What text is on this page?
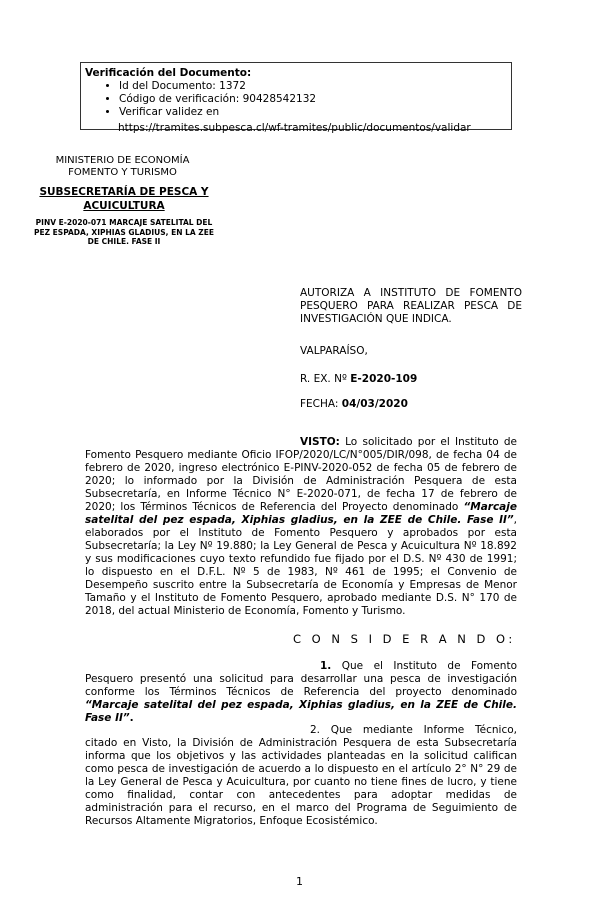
Verificación del Documento:
• Id del Documento: 1372
• Código de verificación: 90428542132
• Verificar validez en
https://tramites.subpesca.cl/wf-tramites/public/documentos/validar
MINISTERIO DE ECONOMÍA
FOMENTO Y TURISMO
SUBSECRETARÍA DE PESCA Y ACUICULTURA
PINV E-2020-071 MARCAJE SATELITAL DEL PEZ ESPADA, XIPHIAS GLADIUS, EN LA ZEE DE CHILE. FASE II
AUTORIZA A INSTITUTO DE FOMENTO PESQUERO PARA REALIZAR PESCA DE INVESTIGACIÓN QUE INDICA.
VALPARAÍSO,
R. EX. Nº E-2020-109
FECHA: 04/03/2020
VISTO: Lo solicitado por el Instituto de Fomento Pesquero mediante Oficio IFOP/2020/LC/N°005/DIR/098, de fecha 04 de febrero de 2020, ingreso electrónico E-PINV-2020-052 de fecha 05 de febrero de 2020; lo informado por la División de Administración Pesquera de esta Subsecretaría, en Informe Técnico N° E-2020-071, de fecha 17 de febrero de 2020; los Términos Técnicos de Referencia del Proyecto denominado “Marcaje satelital del pez espada, Xiphias gladius, en la ZEE de Chile. Fase II”, elaborados por el Instituto de Fomento Pesquero y aprobados por esta Subsecretaría; la Ley Nº 19.880; la Ley General de Pesca y Acuicultura Nº 18.892 y sus modificaciones cuyo texto refundido fue fijado por el D.S. Nº 430 de 1991; lo dispuesto en el D.F.L. Nº 5 de 1983, Nº 461 de 1995; el Convenio de Desempeño suscrito entre la Subsecretaría de Economía y Empresas de Menor Tamaño y el Instituto de Fomento Pesquero, aprobado mediante D.S. N° 170 de 2018, del actual Ministerio de Economía, Fomento y Turismo.
C O N S I D E R A N D O:
1. Que el Instituto de Fomento Pesquero presentó una solicitud para desarrollar una pesca de investigación conforme los Términos Técnicos de Referencia del proyecto denominado “Marcaje satelital del pez espada, Xiphias gladius, en la ZEE de Chile. Fase II”.
2. Que mediante Informe Técnico, citado en Visto, la División de Administración Pesquera de esta Subsecretaría informa que los objetivos y las actividades planteadas en la solicitud califican como pesca de investigación de acuerdo a lo dispuesto en el artículo 2° N° 29 de la Ley General de Pesca y Acuicultura, por cuanto no tiene fines de lucro, y tiene como finalidad, contar con antecedentes para adoptar medidas de administración para el recurso, en el marco del Programa de Seguimiento de Recursos Altamente Migratorios, Enfoque Ecosistémico.
1
